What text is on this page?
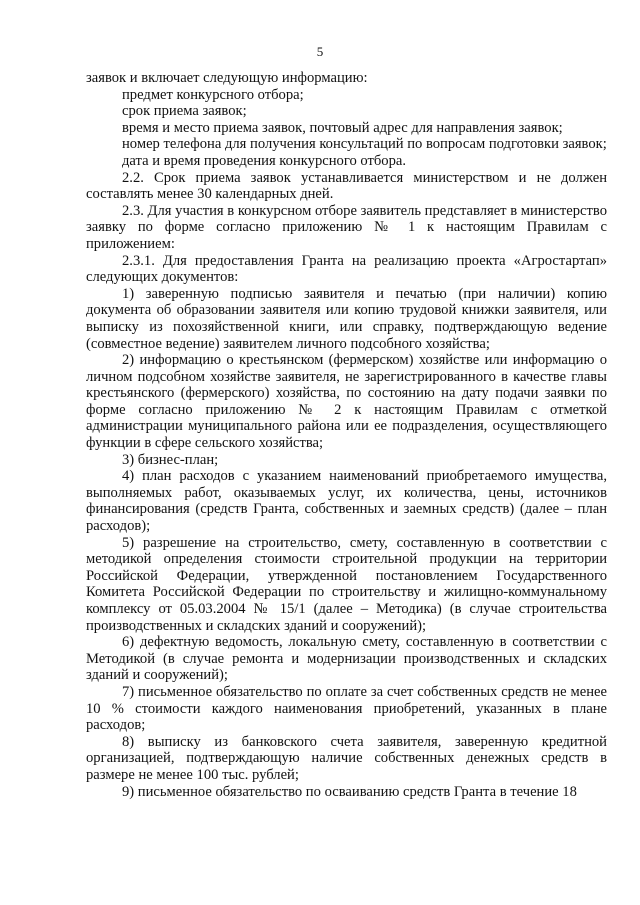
5

заявок и включает следующую информацию:

предмет конкурсного отбора;

срок приема заявок;

время и место приема заявок, почтовый адрес для направления заявок;

номер телефона для получения консультаций по вопросам подготовки заявок;

дата и время проведения конкурсного отбора.

2.2. Срок приема заявок устанавливается министерством и не должен составлять менее 30 календарных дней.

2.3. Для участия в конкурсном отборе заявитель представляет в министерство заявку по форме согласно приложению № 1 к настоящим Правилам с приложением:

2.3.1. Для предоставления Гранта на реализацию проекта «Агростартап» следующих документов:

1) заверенную подписью заявителя и печатью (при наличии) копию документа об образовании заявителя или копию трудовой книжки заявителя, или выписку из похозяйственной книги, или справку, подтверждающую ведение (совместное ведение) заявителем личного подсобного хозяйства;

2) информацию о крестьянском (фермерском) хозяйстве или информацию о личном подсобном хозяйстве заявителя, не зарегистрированного в качестве главы крестьянского (фермерского) хозяйства, по состоянию на дату подачи заявки по форме согласно приложению № 2 к настоящим Правилам с отметкой администрации муниципального района или ее подразделения, осуществляющего функции в сфере сельского хозяйства;

3) бизнес-план;

4) план расходов с указанием наименований приобретаемого имущества, выполняемых работ, оказываемых услуг, их количества, цены, источников финансирования (средств Гранта, собственных и заемных средств) (далее – план расходов);

5) разрешение на строительство, смету, составленную в соответствии с методикой определения стоимости строительной продукции на территории Российской Федерации, утвержденной постановлением Государственного Комитета Российской Федерации по строительству и жилищно-коммунальному комплексу от 05.03.2004 № 15/1 (далее – Методика) (в случае строительства производственных и складских зданий и сооружений);

6) дефектную ведомость, локальную смету, составленную в соответствии с Методикой (в случае ремонта и модернизации производственных и складских зданий и сооружений);

7) письменное обязательство по оплате за счет собственных средств не менее 10 % стоимости каждого наименования приобретений, указанных в плане расходов;

8) выписку из банковского счета заявителя, заверенную кредитной организацией, подтверждающую наличие собственных денежных средств в размере не менее 100 тыс. рублей;

9) письменное обязательство по осваиванию средств Гранта в течение 18
